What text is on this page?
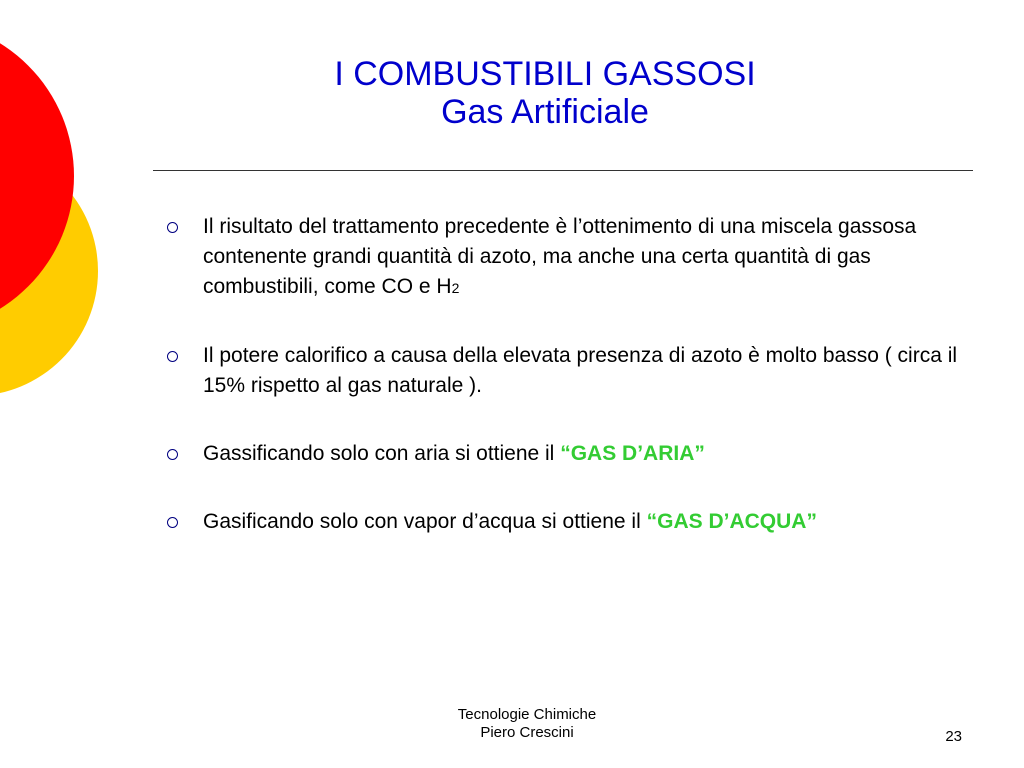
I COMBUSTIBILI GASSOSI
Gas Artificiale
Il risultato del trattamento precedente è l’ottenimento di una miscela gassosa contenente grandi quantità di azoto, ma anche una certa quantità di gas combustibili, come CO e H2
Il potere calorifico a causa della elevata presenza di azoto è molto basso ( circa il 15% rispetto al gas naturale ).
Gassificando solo con aria si ottiene il “GAS D’ARIA”
Gasificando solo con vapor d’acqua si ottiene il “GAS D’ACQUA”
Tecnologie Chimiche
Piero Crescini	23
